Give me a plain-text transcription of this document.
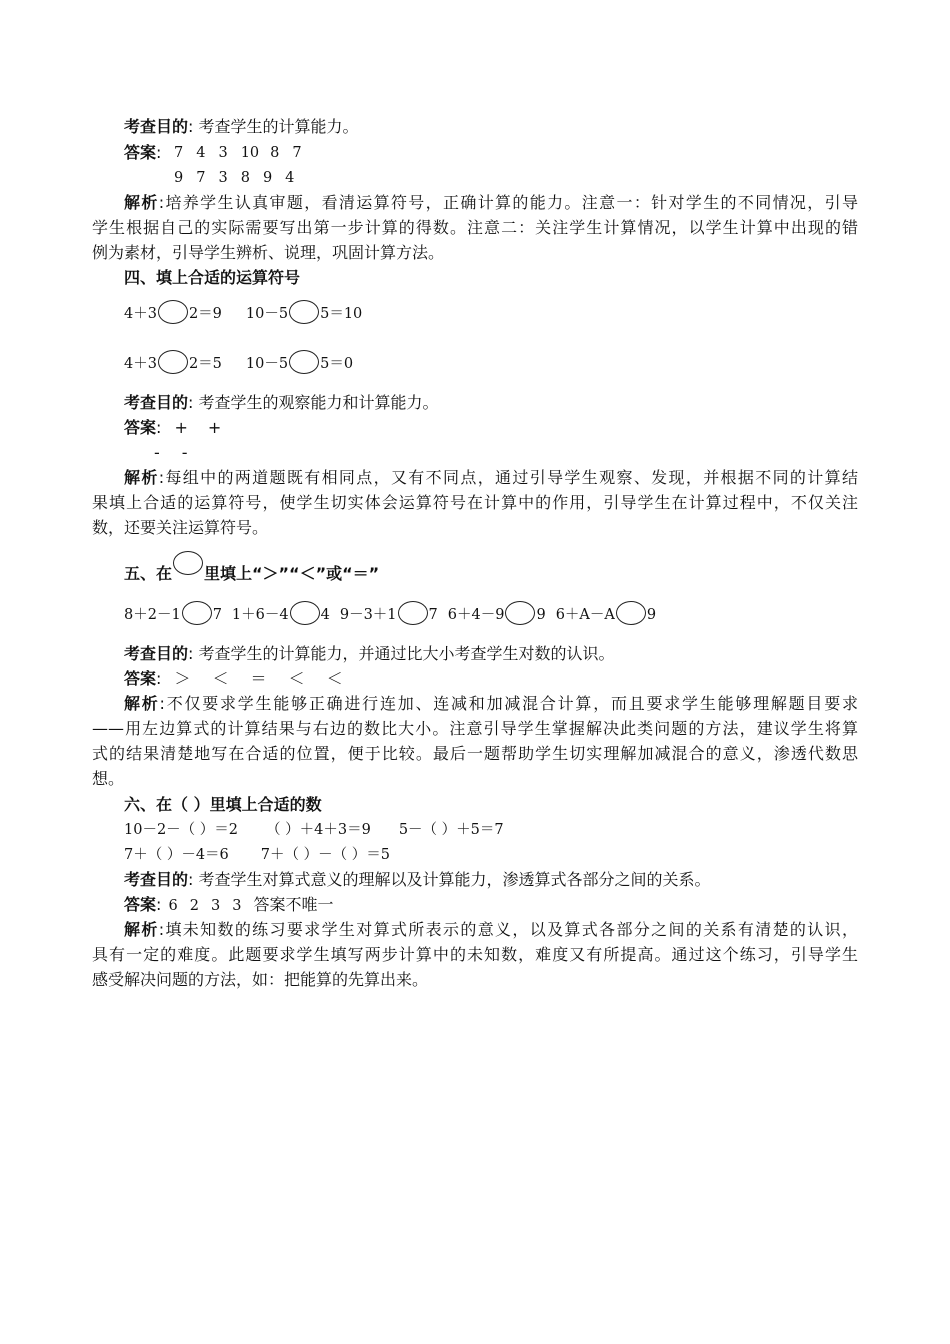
考查目的: 考查学生的计算能力。
答案: 7 4 3 10 8 7
9 7 3 8 9 4
解析:培养学生认真审题，看清运算符号，正确计算的能力。注意一：针对学生的不同情况，引导
学生根据自己的实际需要写出第一步计算的得数。注意二：关注学生计算情况，以学生计算中出现的错
例为素材，引导学生辨析、说理，巩固计算方法。
四、填上合适的运算符号
4＋3 2＝9 10－5 5＝10
4＋3 2＝5 10－5 5＝0
考查目的: 考查学生的观察能力和计算能力。
答案: + +
- -
解析:每组中的两道题既有相同点，又有不同点，通过引导学生观察、发现，并根据不同的计算结
果填上合适的运算符号，使学生切实体会运算符号在计算中的作用，引导学生在计算过程中，不仅关注
数，还要关注运算符号。
五、在 里填上“＞”“＜”或“＝”
8＋2－1 7 1＋6－4 4 9－3＋1 7 6＋4－9 9 6＋A－A 9
考查目的: 考查学生的计算能力，并通过比大小考查学生对数的认识。
答案: ＞ ＜ ＝ ＜ ＜
解析:不仅要求学生能够正确进行连加、连减和加减混合计算，而且要求学生能够理解题目要求
——用左边算式的计算结果与右边的数比大小。注意引导学生掌握解决此类问题的方法，建议学生将算
式的结果清楚地写在合适的位置，便于比较。最后一题帮助学生切实理解加减混合的意义，渗透代数思
想。
六、在（ ）里填上合适的数
10－2－（ ）＝2 （ ）＋4＋3＝9 5－（ ）＋5＝7
7＋（ ）－4＝6 7＋（ ）－（ ）＝5
考查目的: 考查学生对算式意义的理解以及计算能力，渗透算式各部分之间的关系。
答案: 6 2 3 3 答案不唯一
解析:填未知数的练习要求学生对算式所表示的意义，以及算式各部分之间的关系有清楚的认识，
具有一定的难度。此题要求学生填写两步计算中的未知数，难度又有所提高。通过这个练习，引导学生
感受解决问题的方法，如：把能算的先算出来。
